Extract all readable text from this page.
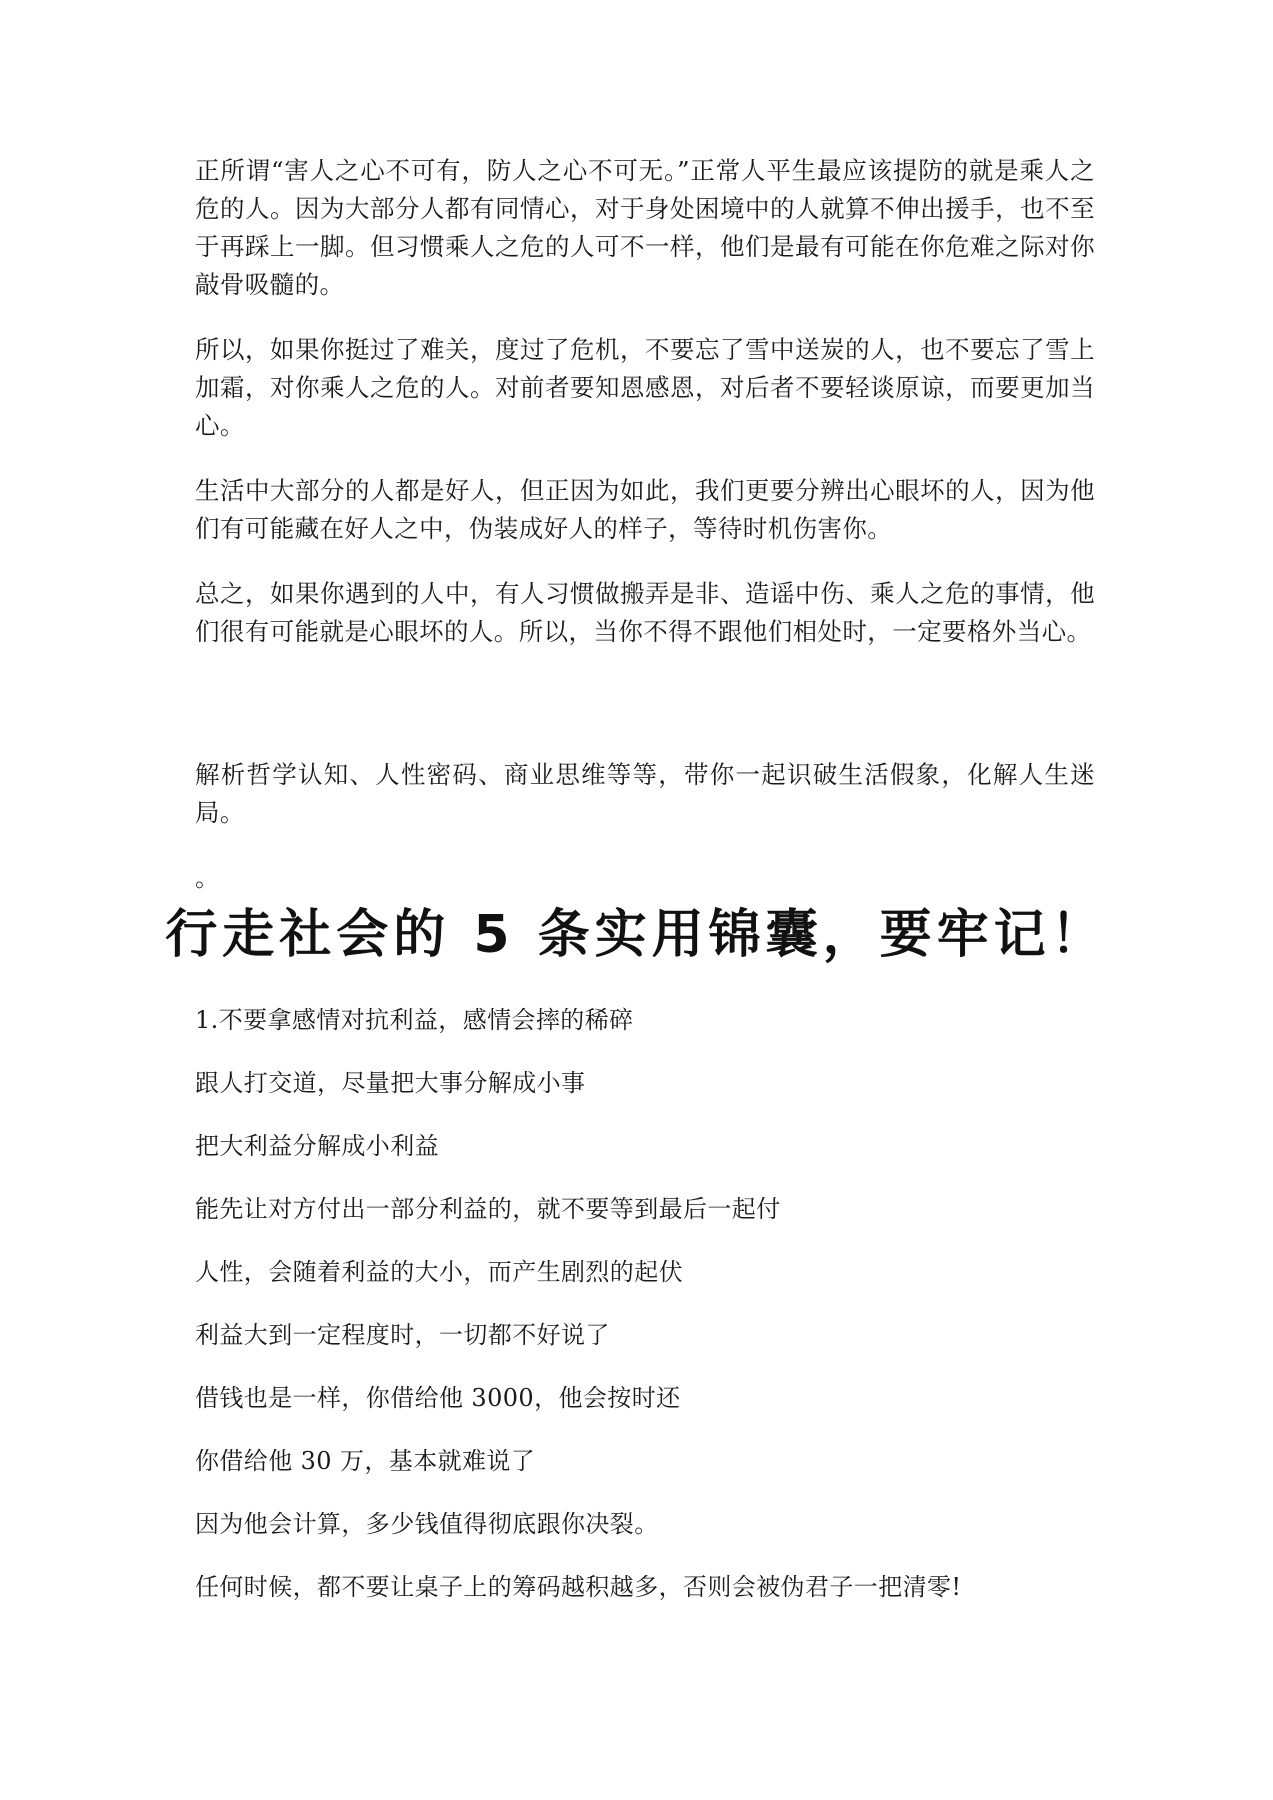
正所谓“害人之心不可有，防人之心不可无。”正常人平生最应该提防的就是乘人之危的人。因为大部分人都有同情心，对于身处困境中的人就算不伸出援手，也不至于再踩上一脚。但习惯乘人之危的人可不一样，他们是最有可能在你危难之际对你敲骨吸髓的。

所以，如果你挺过了难关，度过了危机，不要忘了雪中送炭的人，也不要忘了雪上加霜，对你乘人之危的人。对前者要知恩感恩，对后者不要轻谈原谅，而要更加当心。

生活中大部分的人都是好人，但正因为如此，我们更要分辨出心眼坏的人，因为他们有可能藏在好人之中，伪装成好人的样子，等待时机伤害你。

总之，如果你遇到的人中，有人习惯做搬弄是非、造谣中伤、乘人之危的事情，他们很有可能就是心眼坏的人。所以，当你不得不跟他们相处时，一定要格外当心。

解析哲学认知、人性密码、商业思维等等，带你一起识破生活假象，化解人生迷局。

。

行走社会的 5 条实用锦囊，要牢记！

1.不要拿感情对抗利益，感情会摔的稀碎

跟人打交道，尽量把大事分解成小事

把大利益分解成小利益

能先让对方付出一部分利益的，就不要等到最后一起付

人性，会随着利益的大小，而产生剧烈的起伏

利益大到一定程度时，一切都不好说了

借钱也是一样，你借给他 3000，他会按时还

你借给他 30 万，基本就难说了

因为他会计算，多少钱值得彻底跟你决裂。

任何时候，都不要让桌子上的筹码越积越多，否则会被伪君子一把清零!
